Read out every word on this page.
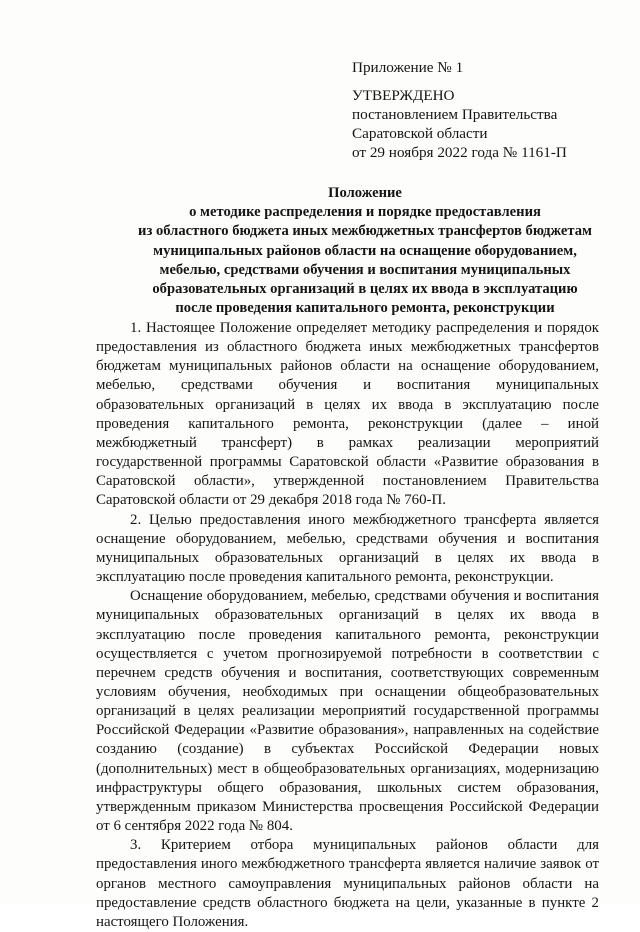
Приложение № 1
УТВЕРЖДЕНО
постановлением Правительства
Саратовской области
от 29 ноября 2022 года № 1161-П
Положение
о методике распределения и порядке предоставления
из областного бюджета иных межбюджетных трансфертов бюджетам
муниципальных районов области на оснащение оборудованием,
мебелью, средствами обучения и воспитания муниципальных
образовательных организаций в целях их ввода в эксплуатацию
после проведения капитального ремонта, реконструкции

1. Настоящее Положение определяет методику распределения и порядок предоставления из областного бюджета иных межбюджетных трансфертов бюджетам муниципальных районов области на оснащение оборудованием, мебелью, средствами обучения и воспитания муниципальных образовательных организаций в целях их ввода в эксплуатацию после проведения капитального ремонта, реконструкции (далее – иной межбюджетный трансферт) в рамках реализации мероприятий государственной программы Саратовской области «Развитие образования в Саратовской области», утвержденной постановлением Правительства Саратовской области от 29 декабря 2018 года № 760-П.

2. Целью предоставления иного межбюджетного трансферта является оснащение оборудованием, мебелью, средствами обучения и воспитания муниципальных образовательных организаций в целях их ввода в эксплуатацию после проведения капитального ремонта, реконструкции.

Оснащение оборудованием, мебелью, средствами обучения и воспитания муниципальных образовательных организаций в целях их ввода в эксплуатацию после проведения капитального ремонта, реконструкции осуществляется с учетом прогнозируемой потребности в соответствии с перечнем средств обучения и воспитания, соответствующих современным условиям обучения, необходимых при оснащении общеобразовательных организаций в целях реализации мероприятий государственной программы Российской Федерации «Развитие образования», направленных на содействие созданию (создание) в субъектах Российской Федерации новых (дополнительных) мест в общеобразовательных организациях, модернизацию инфраструктуры общего образования, школьных систем образования, утвержденным приказом Министерства просвещения Российской Федерации от 6 сентября 2022 года № 804.

3. Критерием отбора муниципальных районов области для предоставления иного межбюджетного трансферта является наличие заявок от органов местного самоуправления муниципальных районов области на предоставление средств областного бюджета на цели, указанные в пункте 2 настоящего Положения.
